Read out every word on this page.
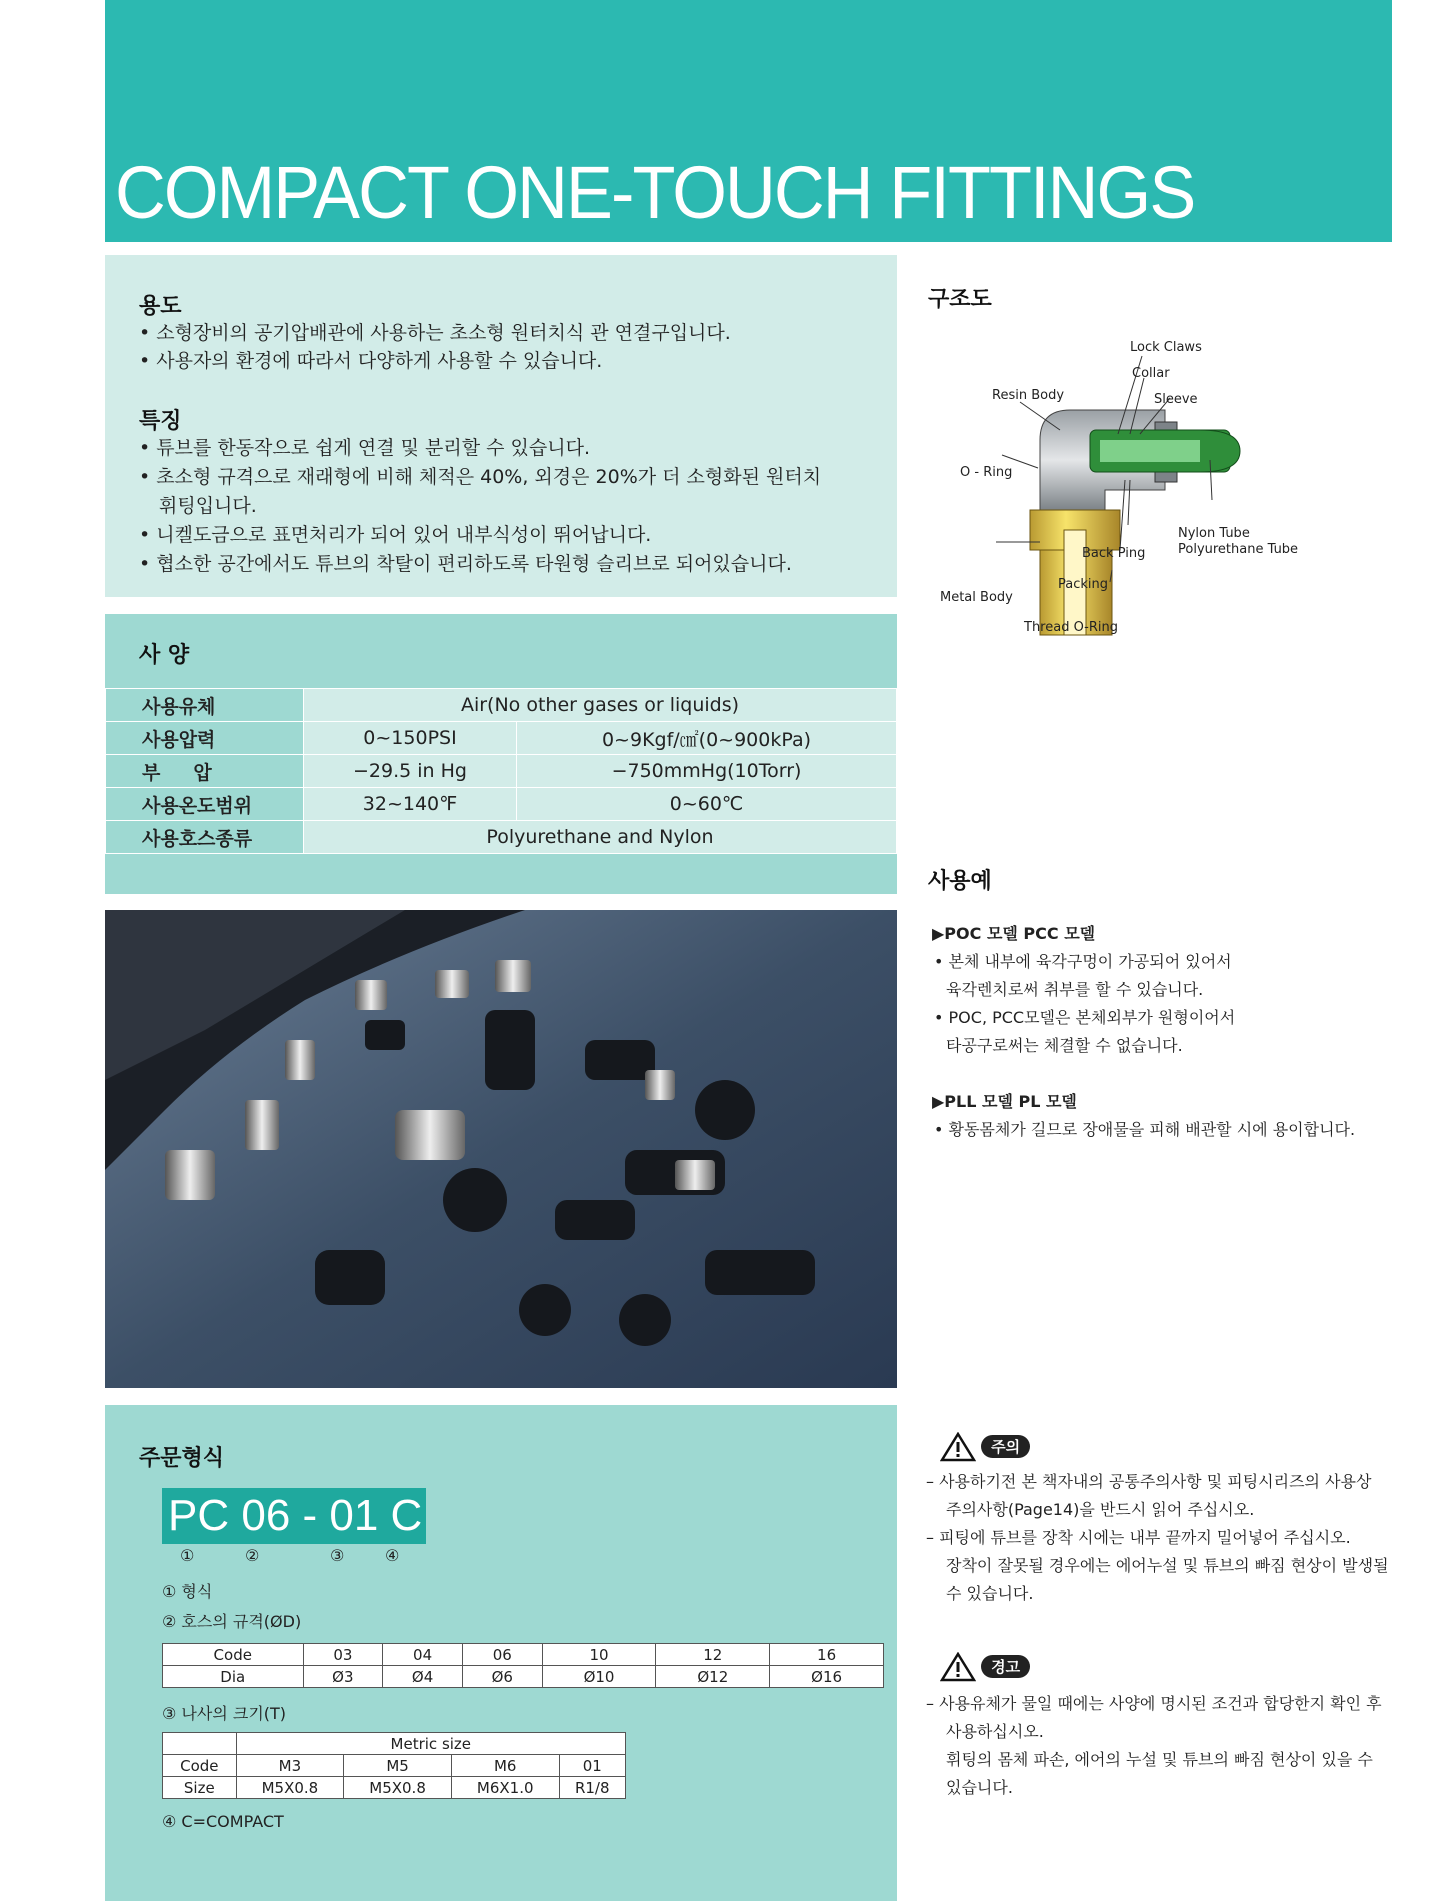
COMPACT ONE-TOUCH FITTINGS
용도
• 소형장비의 공기압배관에 사용하는 초소형 원터치식 관 연결구입니다.
• 사용자의 환경에 따라서 다양하게 사용할 수 있습니다.
특징
• 튜브를 한동작으로 쉽게 연결 및 분리할 수 있습니다.
• 초소형 규격으로 재래형에 비해 체적은 40%, 외경은 20%가 더 소형화된 원터치
휘팅입니다.
• 니켈도금으로 표면처리가 되어 있어 내부식성이 뛰어납니다.
• 협소한 공간에서도 튜브의 착탈이 편리하도록 타원형 슬리브로 되어있습니다.
사 양
사용유체	Air(No other gases or liquids)	
사용압력	0~150PSI	0~9Kgf/㎠(0~900kPa)
부     압	−29.5 in Hg	−750mmHg(10Torr)
사용온도범위	32~140℉	0~60℃
사용호스종류	Polyurethane and Nylon	
주문형식
PC 06 - 01 C
①	②	③	④
① 형식
② 호스의 규격(ØD)
Code	03	04	06	10	12	16
Dia	Ø3	Ø4	Ø6	Ø10	Ø12	Ø16
③ 나사의 크기(T)
	Metric size			
Code	M3	M5	M6	01
Size	M5X0.8	M5X0.8	M6X1.0	R1/8
④ C=COMPACT
구조도
Lock Claws
Collar
Sleeve
Resin Body
O - Ring
Nylon Tube
Polyurethane Tube
Back Ping
Packing
Metal Body
Thread O-Ring
사용예
▶POC 모델 PCC 모델
• 본체 내부에 육각구멍이 가공되어 있어서
육각렌치로써 취부를 할 수 있습니다.
• POC, PCC모델은 본체외부가 원형이어서
타공구로써는 체결할 수 없습니다.
▶PLL 모델 PL 모델
• 황동몸체가 길므로 장애물을 피해 배관할 시에 용이합니다.
주의
– 사용하기전 본 책자내의 공통주의사항 및 피팅시리즈의 사용상
주의사항(Page14)을 반드시 읽어 주십시오.
– 피팅에 튜브를 장착 시에는 내부 끝까지 밀어넣어 주십시오.
장착이 잘못될 경우에는 에어누설 및 튜브의 빠짐 현상이 발생될
수 있습니다.
경고
– 사용유체가 물일 때에는 사양에 명시된 조건과 합당한지 확인 후
사용하십시오.
휘팅의 몸체 파손, 에어의 누설 및 튜브의 빠짐 현상이 있을 수
있습니다.
